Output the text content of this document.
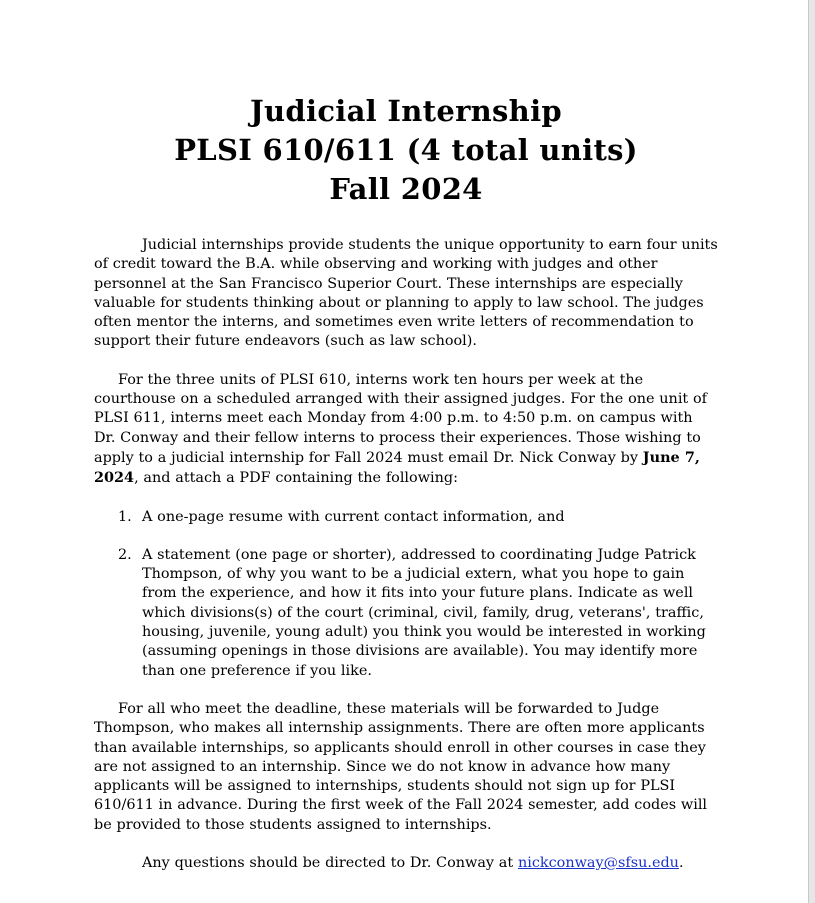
Judicial Internship
PLSI 610/611 (4 total units)
Fall 2024

Judicial internships provide students the unique opportunity to earn four units of credit toward the B.A. while observing and working with judges and other personnel at the San Francisco Superior Court. These internships are especially valuable for students thinking about or planning to apply to law school. The judges often mentor the interns, and sometimes even write letters of recommendation to support their future endeavors (such as law school).

For the three units of PLSI 610, interns work ten hours per week at the courthouse on a scheduled arranged with their assigned judges. For the one unit of PLSI 611, interns meet each Monday from 4:00 p.m. to 4:50 p.m. on campus with Dr. Conway and their fellow interns to process their experiences. Those wishing to apply to a judicial internship for Fall 2024 must email Dr. Nick Conway by June 7, 2024, and attach a PDF containing the following:

1. A one-page resume with current contact information, and
2. A statement (one page or shorter), addressed to coordinating Judge Patrick Thompson, of why you want to be a judicial extern, what you hope to gain from the experience, and how it fits into your future plans. Indicate as well which divisions(s) of the court (criminal, civil, family, drug, veterans', traffic, housing, juvenile, young adult) you think you would be interested in working (assuming openings in those divisions are available). You may identify more than one preference if you like.

For all who meet the deadline, these materials will be forwarded to Judge Thompson, who makes all internship assignments. There are often more applicants than available internships, so applicants should enroll in other courses in case they are not assigned to an internship. Since we do not know in advance how many applicants will be assigned to internships, students should not sign up for PLSI 610/611 in advance. During the first week of the Fall 2024 semester, add codes will be provided to those students assigned to internships.

Any questions should be directed to Dr. Conway at nickconway@sfsu.edu.
